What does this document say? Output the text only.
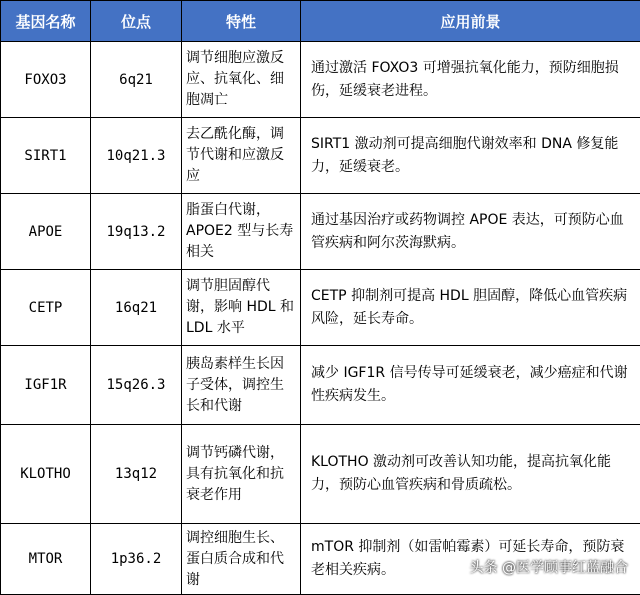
基因名称	位点	特性	应用前景
FOXO3	6q21	调节细胞应激反应、抗氧化、细胞凋亡	通过激活 FOXO3 可增强抗氧化能力，预防细胞损伤，延缓衰老进程。
SIRT1	10q21.3	去乙酰化酶，调节代谢和应激反应	SIRT1 激动剂可提高细胞代谢效率和 DNA 修复能力，延缓衰老。
APOE	19q13.2	脂蛋白代谢，APOE2 型与长寿相关	通过基因治疗或药物调控 APOE 表达，可预防心血管疾病和阿尔茨海默病。
CETP	16q21	调节胆固醇代谢，影响 HDL 和 LDL 水平	CETP 抑制剂可提高 HDL 胆固醇，降低心血管疾病风险，延长寿命。
IGF1R	15q26.3	胰岛素样生长因子受体，调控生长和代谢	减少 IGF1R 信号传导可延缓衰老，减少癌症和代谢性疾病发生。
KLOTHO	13q12	调节钙磷代谢，具有抗氧化和抗衰老作用	KLOTHO 激动剂可改善认知功能，提高抗氧化能力，预防心血管疾病和骨质疏松。
MTOR	1p36.2	调控细胞生长、蛋白质合成和代谢	mTOR 抑制剂（如雷帕霉素）可延长寿命，预防衰老相关疾病。	头条 @医学顾事红蓝融合
